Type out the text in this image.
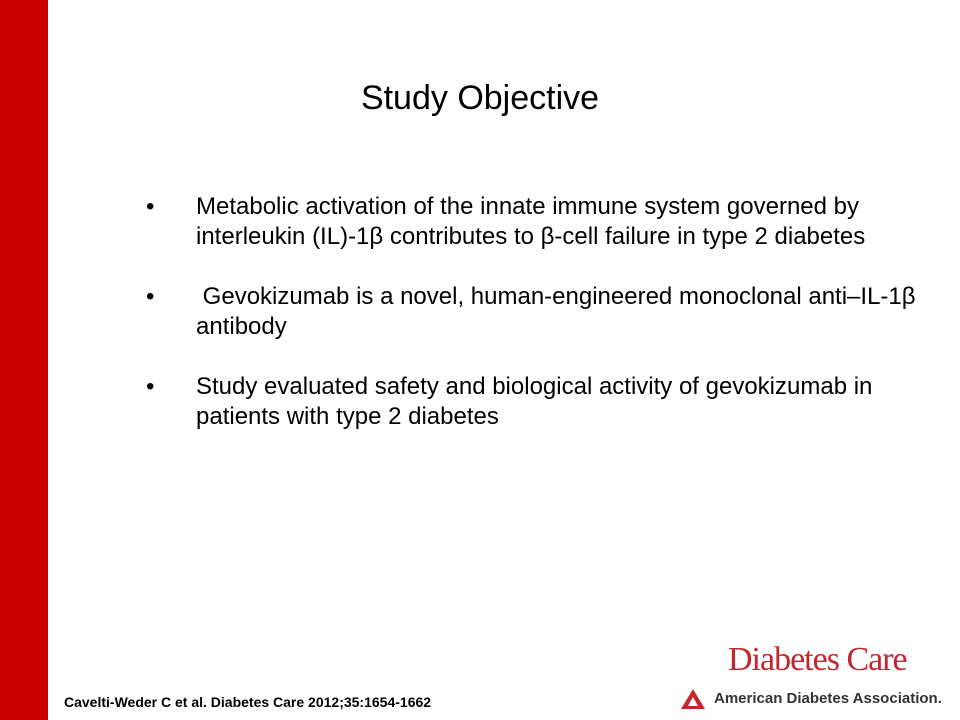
Study Objective
• Metabolic activation of the innate immune system governed by interleukin (IL)-1β contributes to β-cell failure in type 2 diabetes
• Gevokizumab is a novel, human-engineered monoclonal anti–IL-1β antibody
• Study evaluated safety and biological activity of gevokizumab in patients with type 2 diabetes
Cavelti-Weder C et al. Diabetes Care 2012;35:1654-1662
Diabetes Care
American Diabetes Association.
